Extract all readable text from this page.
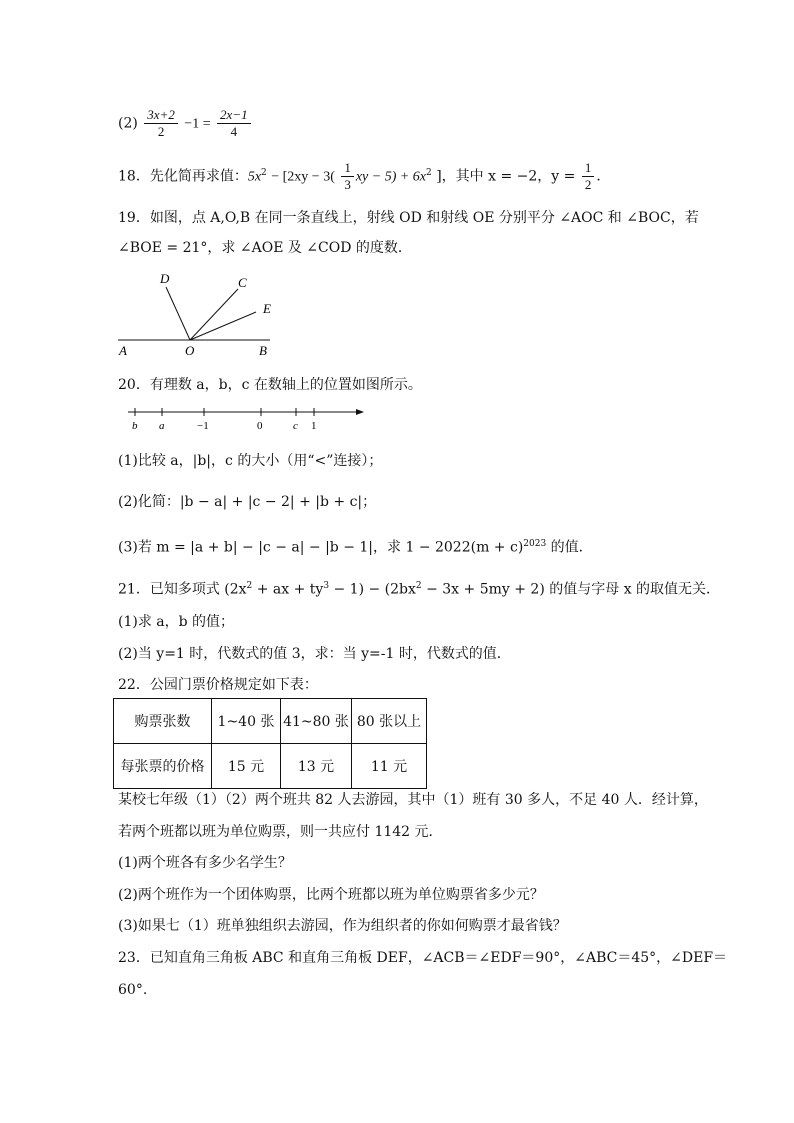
$(2) \frac{3x+2}{2} -1 = \frac{2x-1}{4}$
18．先化简再求值：$5x^2 - [2xy - 3( \frac{1}{3}$ xy − $5) + 6x^2$ ]，其中 x = −2，$y = \frac{1}{2}$ ．
19．如图，点 A,O,B 在同一条直线上，射线 OD 和射线 OE 分别平分 ∠AOC 和 ∠BOC，若
∠BOE = 21°，求 ∠AOE 及 ∠COD 的度数．
D	C
E
A	O	B
20．有理数 a，b，c 在数轴上的位置如图所示。
b a	−1	0	c 1
(1)比较 a，|b|，c 的大小（用“<”连接）；
(2)化简：|b − a| + |c − 2| + |b + c|；
(3)若 m = |a + b| − |c − a| − |b − 1|，求 $1 - 2022(m + c)^{2023}$ 的值．
21．已知多项式 ($2x^2$ + ax + $ty^3 - 1) - (2bx^2 - 3x + 5my + 2)$ 的值与字母 x 的取值无关．
(1)求 a，b 的值；
(2)当 y=1 时，代数式的值 3，求：当 y=-1 时，代数式的值．
22．公园门票价格规定如下表：
购票张数	1~40 张	41~80 张	80 张以上
每张票的价格	15 元	13 元	11 元
某校七年级（1）（2）两个班共 82 人去游园，其中（1）班有 30 多人，不足 40 人．经计算，
若两个班都以班为单位购票，则一共应付 1142 元．
(1)两个班各有多少名学生？
(2)两个班作为一个团体购票，比两个班都以班为单位购票省多少元？
(3)如果七（1）班单独组织去游园，作为组织者的你如何购票才最省钱？
23．已知直角三角板 ABC 和直角三角板 DEF，∠ACB＝∠EDF＝90°，∠ABC＝45°，∠DEF＝
60°.
